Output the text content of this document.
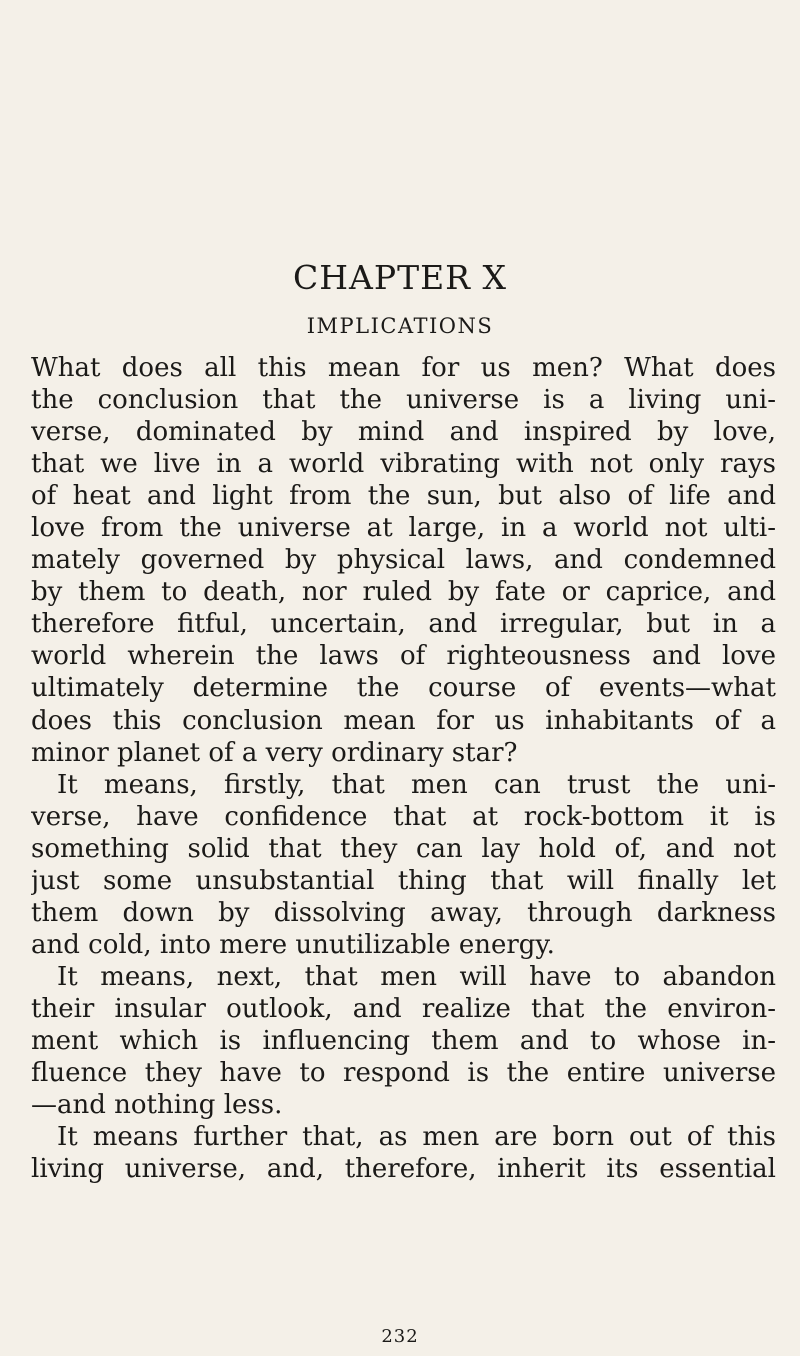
CHAPTER X
IMPLICATIONS
What does all this mean for us men? What does
the conclusion that the universe is a living uni-
verse, dominated by mind and inspired by love,
that we live in a world vibrating with not only rays
of heat and light from the sun, but also of life and
love from the universe at large, in a world not ulti-
mately governed by physical laws, and condemned
by them to death, nor ruled by fate or caprice, and
therefore fitful, uncertain, and irregular, but in a
world wherein the laws of righteousness and love
ultimately determine the course of events—what
does this conclusion mean for us inhabitants of a
minor planet of a very ordinary star?
It means, firstly, that men can trust the uni-
verse, have confidence that at rock-bottom it is
something solid that they can lay hold of, and not
just some unsubstantial thing that will finally let
them down by dissolving away, through darkness
and cold, into mere unutilizable energy.
It means, next, that men will have to abandon
their insular outlook, and realize that the environ-
ment which is influencing them and to whose in-
fluence they have to respond is the entire universe
—and nothing less.
It means further that, as men are born out of this
living universe, and, therefore, inherit its essential
232
